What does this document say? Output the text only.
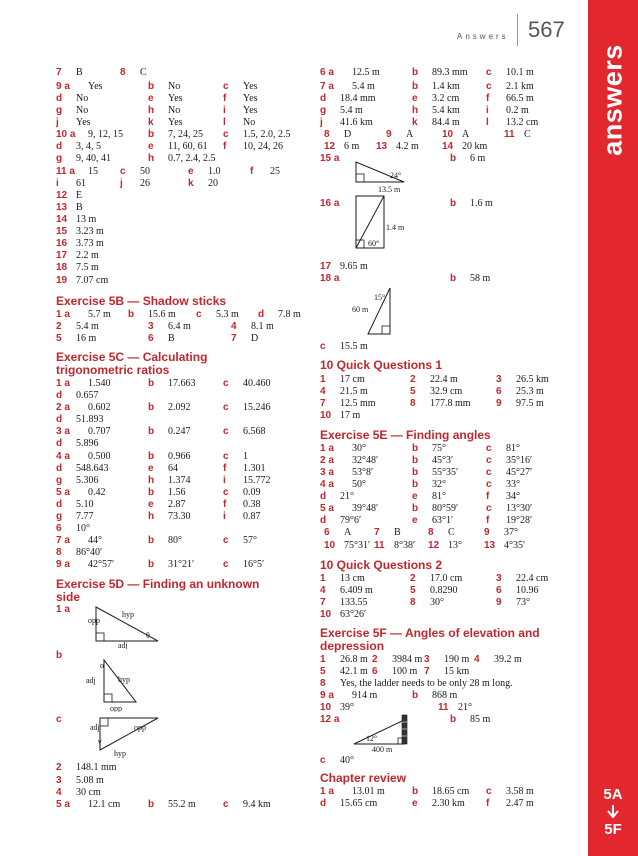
Answers 567
answers
5A
5F
7 B	8 C
9 a Yes	b No	c Yes
d No	e Yes	f Yes
g No	h No	i Yes
j Yes	k Yes	l No
10 a 9, 12, 15	b 7, 24, 25 c 1.5, 2.0, 2.5
d 3, 4, 5	e 11, 60, 61 f 10, 24, 26
g 9, 40, 41	h 0.7, 2.4, 2.5
11 a 15 c 50	e 1.0	f 25
i 61	j 26	k 20
12 E
13 B
14 13 m
15 3.23 m
16 3.73 m
17 2.2 m
18 7.5 m
19 7.07 cm
Exercise 5B — Shadow sticks
1 a 5.7 m b 15.6 m c 5.3 m d 7.8 m
2 5.4 m	3 6.4 m	4 8.1 m
5 16 m	6 B	7 D
Exercise 5C — Calculating
trigonometric ratios
1 a 1.540	b 17.663	c 40.460
d 0.657
2 a 0.602	b 2.092	c 15.246
d 51.893
3 a 0.707	b 0.247	c 6.568
d 5.896
4 a 0.500	b 0.966	c 1
d 548.643	e 64	f 1.301
g 5.306	h 1.374	i 15.772
5 a 0.42	b 1.56	c 0.09
d 5.10	e 2.87	f 0.38
g 7.77	h 73.30	i 0.87
6 10°
7 a 44°	b 80°	c 57°
8 86°40′
9 a 42°57′	b 31°21′	c 16°5′
Exercise 5D — Finding an unknown
side
1 a
b
c
2 148.1 mm
3 5.08 m
4 30 cm
5 a 12.1 cm	b 55.2 m	c 9.4 km
6 a 12.5 m	b 89.3 mm c 10.1 m
7 a 5.4 m	b 1.4 km	c 2.1 km
d 18.4 mm	e 3.2 cm	f 66.5 m
g 5.4 m	h 5.4 km	i 0.2 m
j 41.6 km	k 84.4 m	l 13.2 cm
8 D	9 A	10 A	11 C
12 6 m 13 4.2 m 14 20 km
15 a	b 6 m
16 a	b 1.6 m
17 9.65 m
18 a	b 58 m
c 15.5 m
10 Quick Questions 1
1 17 cm	2 22.4 m	3 26.5 km
4 21.5 m	5 32.9 cm	6 25.3 m
7 12.5 mm	8 177.8 mm	9 97.5 m
10 17 m
Exercise 5E — Finding angles
1 a 30°	b 75°	c 81°
2 a 32°48′	b 45°3′	c 35°16′
3 a 53°8′	b 55°35′	c 45°27′
4 a 50°	b 32°	c 33°
d 21°	e 81°	f 34°
5 a 39°48′	b 80°59′	c 13°30′
d 79°6′	e 63°1′	f 19°28′
6 A 7 B	8 C	9 37°
10 75°31′ 11 8°38′ 12 13° 13 4°35′
10 Quick Questions 2
1 13 cm	2 17.0 cm	3 22.4 cm
4 6.409 m	5 0.8290	6 10.96
7 133.55	8 30°	9 73°
10 63°26′
Exercise 5F — Angles of elevation and
depression
1 26.8 m 2 3984 m 3 190 m 4 39.2 m
5 42.1 m 6 100 m 7 15 km
8 Yes, the ladder needs to be only 28 m long.
9 a 914 m	b 868 m
10 39°	11 21°
12 a	b 85 m
c 40°
Chapter review
1 a 13.01 m	b 18.65 cm c 3.58 m
d 15.65 cm	e 2.30 km f 2.47 m
hyp
opp
adj
θ
α
adj	hyp
opp
adj	opp
γ
hyp
24°
13.5 m
1.4 m
60°
15°
60 m
12°
400 m
